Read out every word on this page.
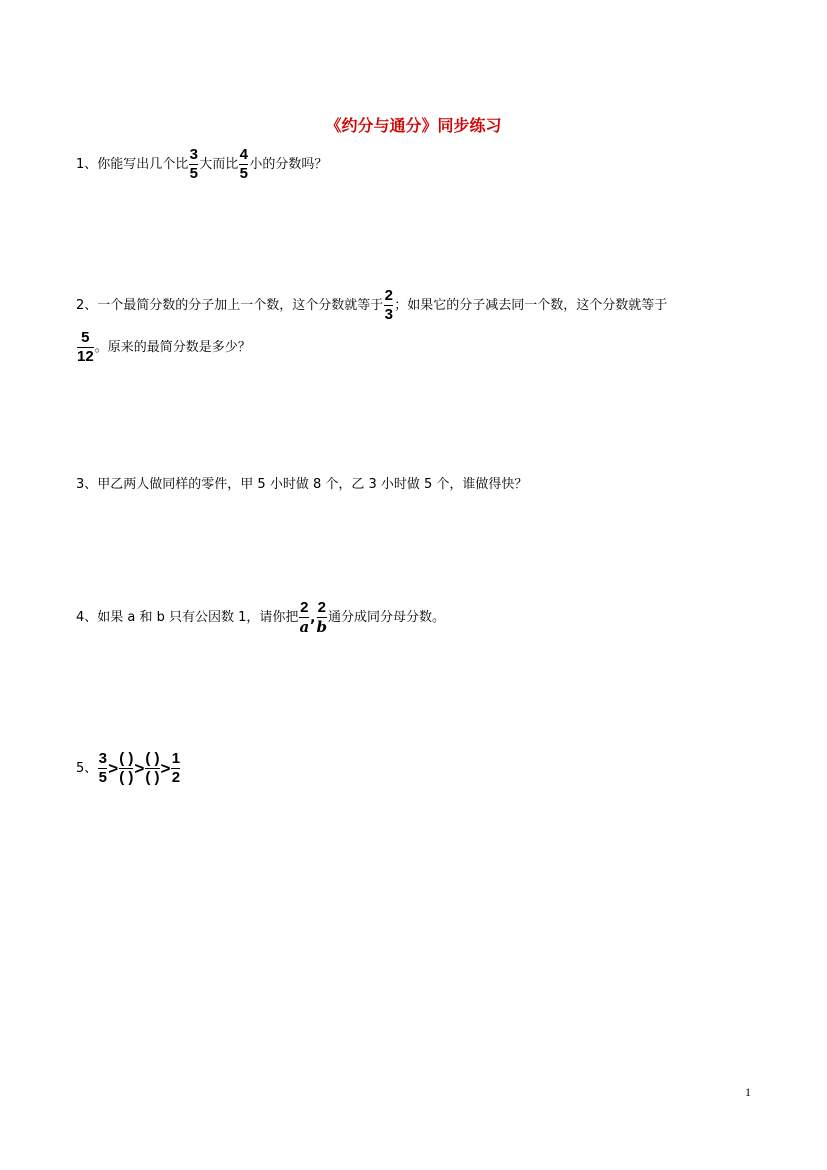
《约分与通分》同步练习
1、 你能写出几个比 $\frac{3}{5}$ 大而比 $\frac{4}{5}$ 小的分数吗？
2、 一个最简分数的分子加上一个数，这个分数就等于 $\frac{2}{3}$ ；如果它的分子减去同一个数，这个分数就等于
$\frac{5}{12}$ 。原来的最简分数是多少？
3、 甲乙两人做同样的零件，甲 5 小时做 8 个，乙 3 小时做 5 个，谁做得快？
4、 如果 a 和 b 只有公因数 1，请你把 $\frac{2}{a}$ , $\frac{2}{b}$ 通分成同分母分数。
5、 $\frac{3}{5} > \frac{( )}{( )} > \frac{( )}{( )} > \frac{1}{2}$
1
